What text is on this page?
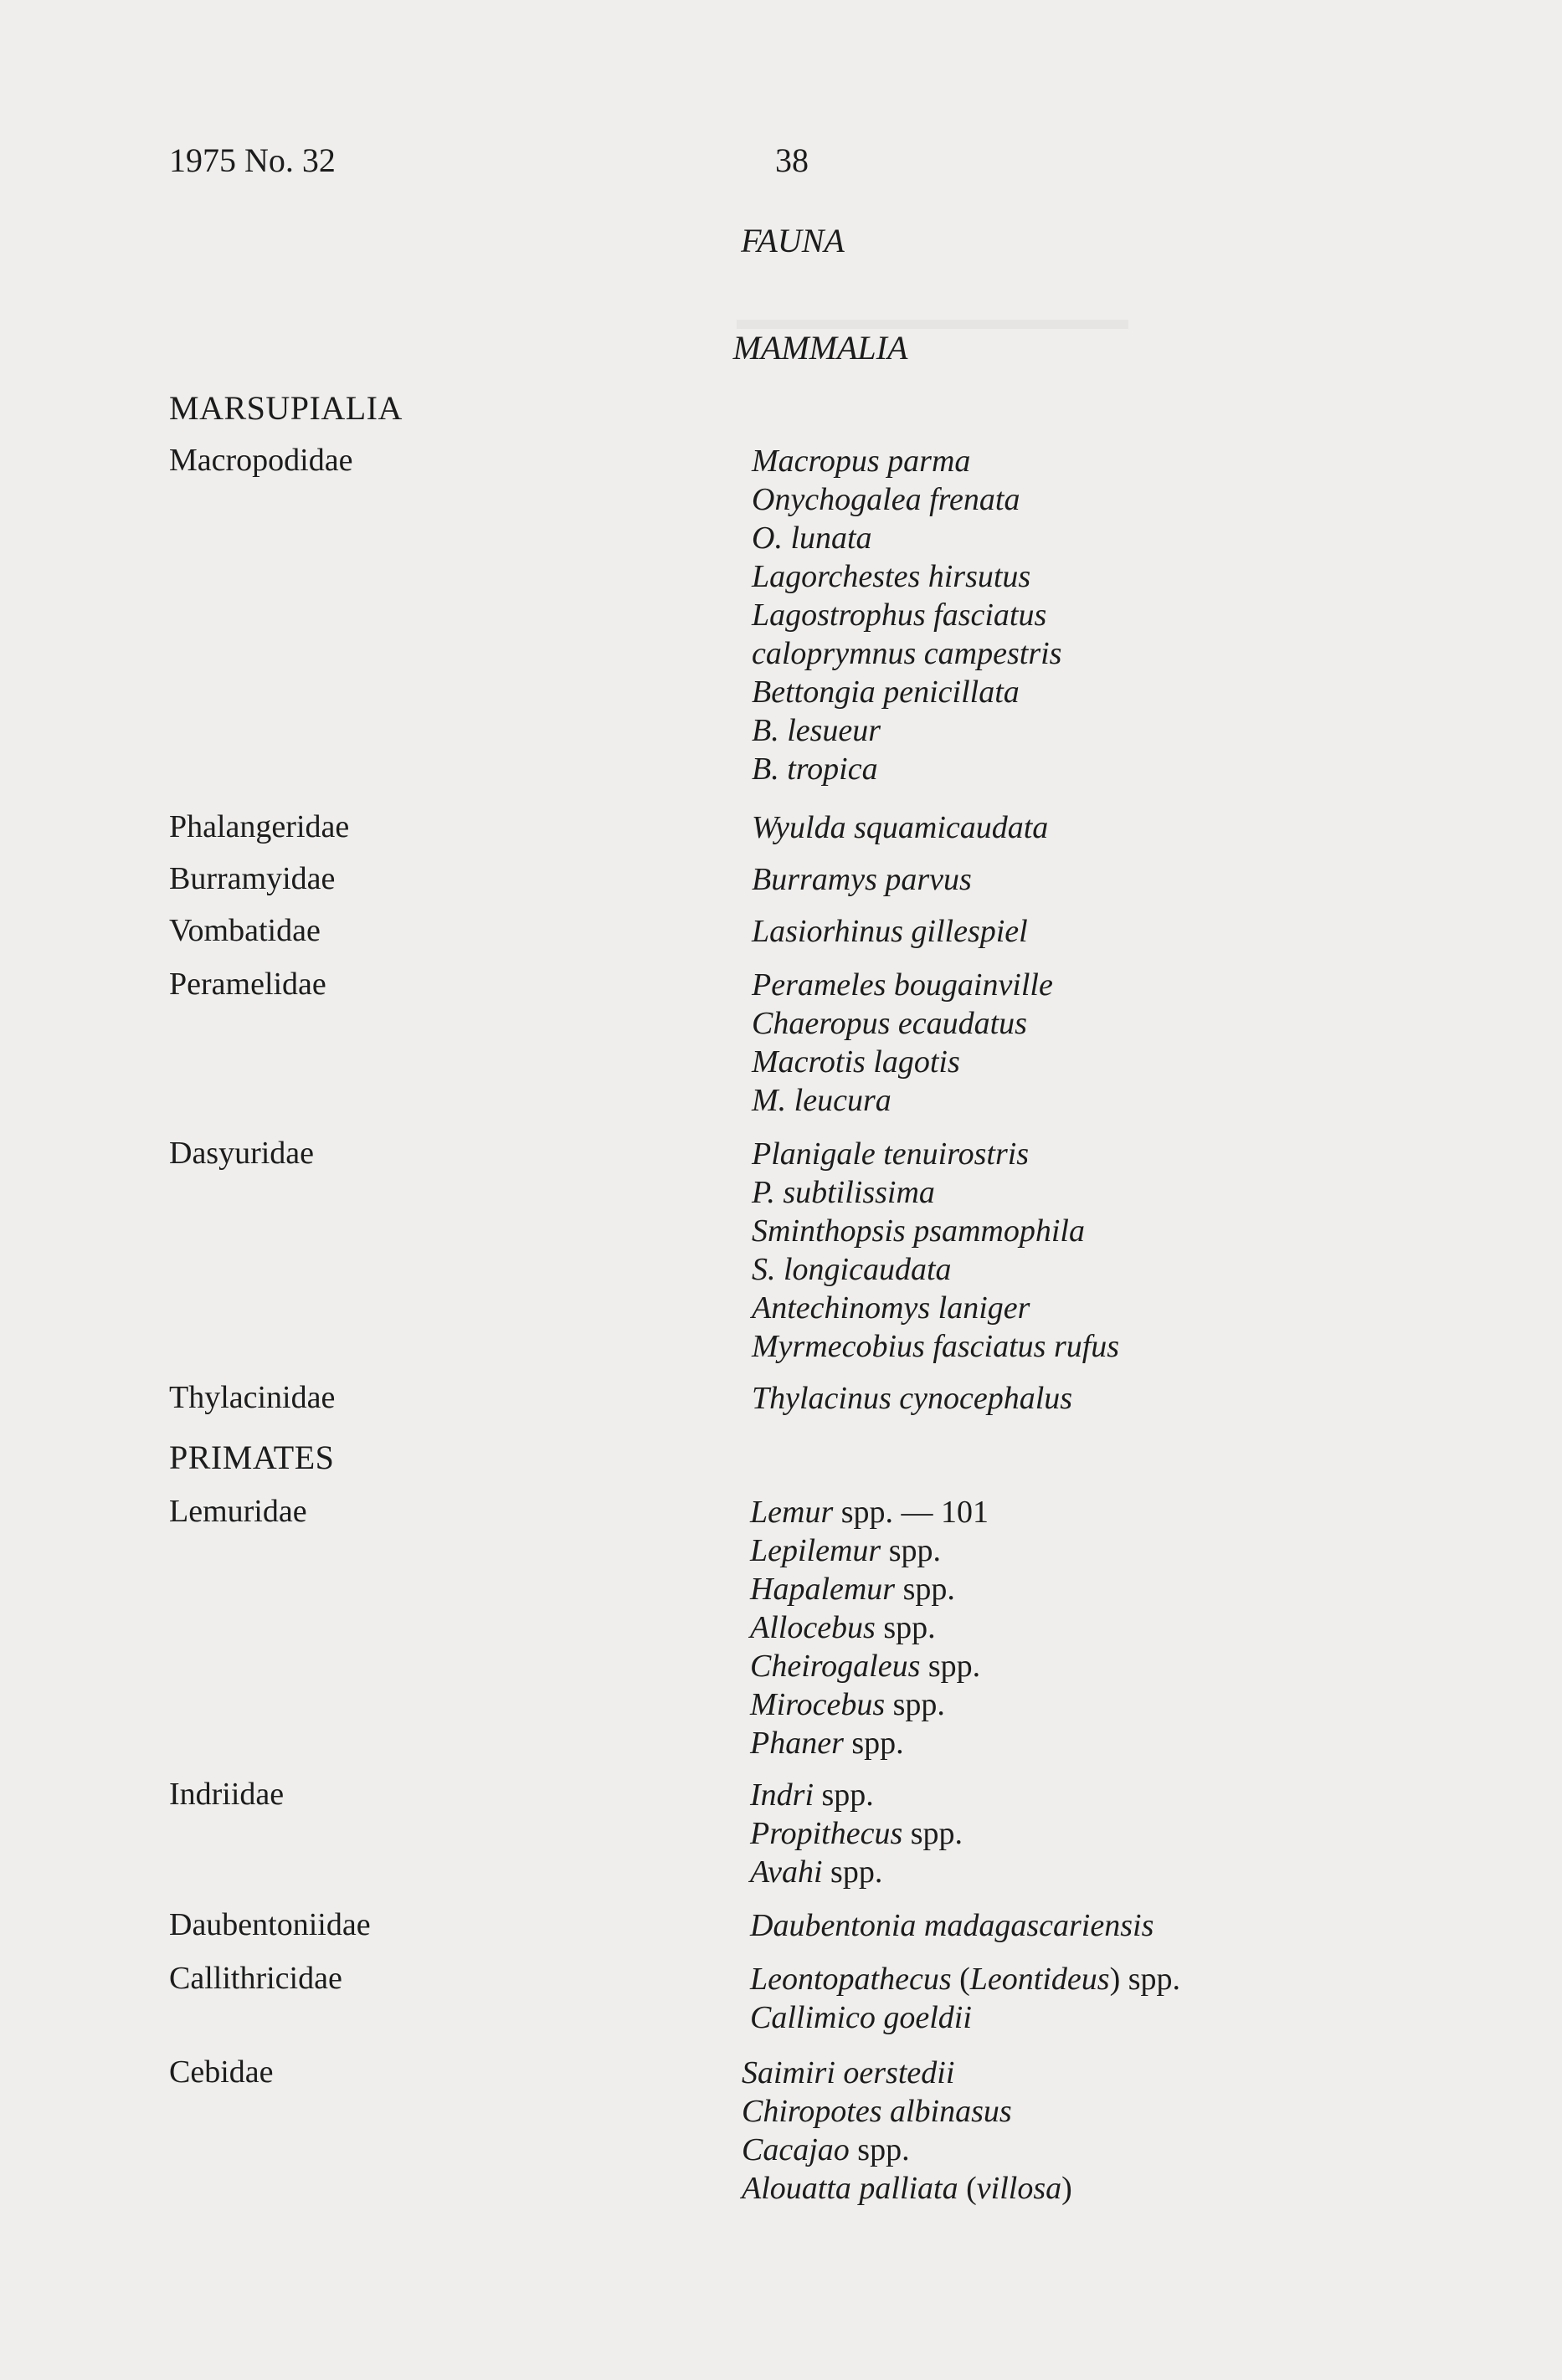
1975 No. 32	38
FAUNA
MAMMALIA
MARSUPIALIA
Macropodidae	Macropus parma
Onychogalea frenata
O. lunata
Lagorchestes hirsutus
Lagostrophus fasciatus
caloprymnus campestris
Bettongia penicillata
B. lesueur
B. tropica
Phalangeridae	Wyulda squamicaudata
Burramyidae	Burramys parvus
Vombatidae	Lasiorhinus gillespiel
Peramelidae	Perameles bougainville
Chaeropus ecaudatus
Macrotis lagotis
M. leucura
Dasyuridae	Planigale tenuirostris
P. subtilissima
Sminthopsis psammophila
S. longicaudata
Antechinomys laniger
Myrmecobius fasciatus rufus
Thylacinidae	Thylacinus cynocephalus
PRIMATES
Lemuridae	Lemur spp. — 101
Lepilemur spp.
Hapalemur spp.
Allocebus spp.
Cheirogaleus spp.
Mirocebus spp.
Phaner spp.
Indriidae	Indri spp.
Propithecus spp.
Avahi spp.
Daubentoniidae	Daubentonia madagascariensis
Callithricidae	Leontopathecus (Leontideus) spp.
Callimico goeldii
Cebidae	Saimiri oerstedii
Chiropotes albinasus
Cacajao spp.
Alouatta palliata (villosa)
